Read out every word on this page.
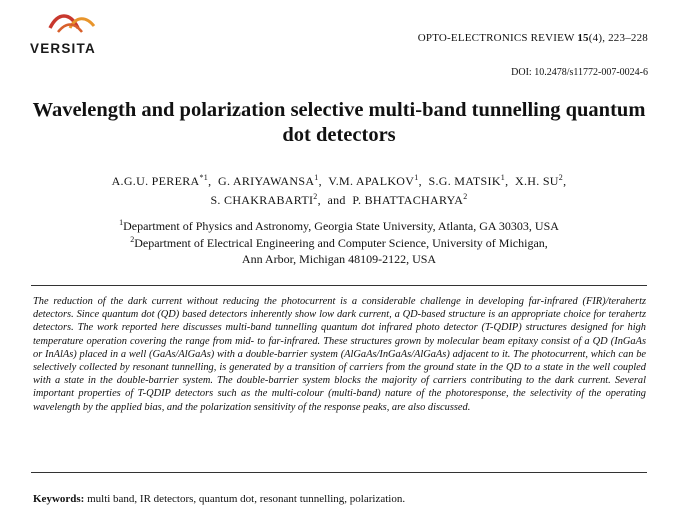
VERSITA
OPTO-ELECTRONICS REVIEW 15(4), 223–228
DOI: 10.2478/s11772-007-0024-6
Wavelength and polarization selective multi-band tunnelling quantum
dot detectors
A.G.U. PERERA$^{*1}$,  G. ARIYAWANSA$^1$,  V.M. APALKOV$^1$,  S.G. MATSIK$^1$,  X.H. $SU^2$,
S. CHAKRABARTI$^2$,  and P. BHATTACHARYA$^2$
$^1$Department of Physics and Astronomy, Georgia State University, Atlanta, GA 30303, USA
$^2$Department of Electrical Engineering and Computer Science, University of Michigan,
Ann Arbor, Michigan 48109-2122, USA
The reduction of the dark current without reducing the photocurrent is a considerable challenge in developing far-infrared (FIR)/terahertz detectors. Since quantum dot (QD) based detectors inherently show low dark current, a QD-based structure is an appropriate choice for terahertz detectors. The work reported here discusses multi-band tunnelling quantum dot infrared photo detector (T-QDIP) structures designed for high temperature operation covering the range from mid- to far-infrared. These structures grown by molecular beam epitaxy consist of a QD (InGaAs or InAlAs) placed in a well (GaAs/AlGaAs) with a double-barrier system (AlGaAs/InGaAs/AlGaAs) adjacent to it. The photocurrent, which can be selectively collected by resonant tunnelling, is generated by a transition of carriers from the ground state in the QD to a state in the well coupled with a state in the double-barrier system. The double-barrier system blocks the majority of carriers contributing to the dark current. Several important properties of T-QDIP detectors such as the multi-colour (multi-band) nature of the photoresponse, the selectivity of the operating wavelength by the applied bias, and the polarization sensitivity of the response peaks, are also discussed.
Keywords: multi band, IR detectors, quantum dot, resonant tunnelling, polarization.
